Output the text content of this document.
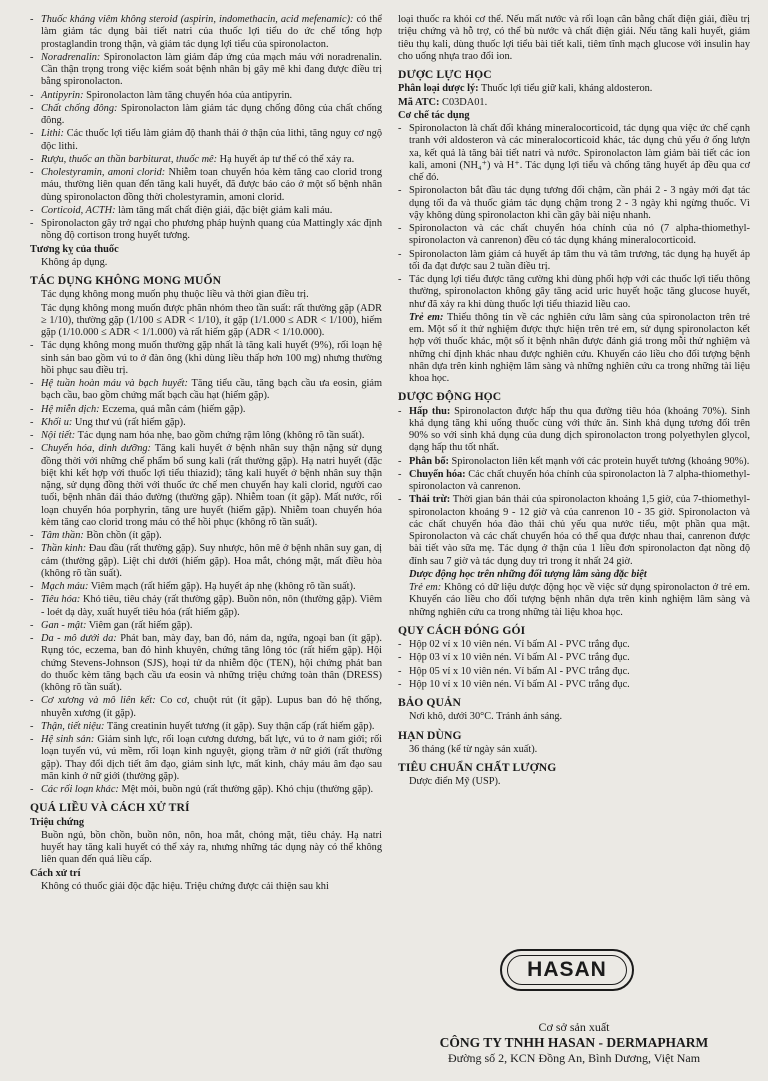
- Thuốc kháng viêm không steroid (aspirin, indomethacin, acid mefenamic): có thể làm giảm tác dụng bài tiết natri của thuốc lợi tiểu do ức chế tổng hợp prostaglandin trong thận, và giảm tác dụng lợi tiểu của spironolacton.
- Noradrenalin: Spironolacton làm giảm đáp ứng của mạch máu với noradrenalin. Cần thận trọng trong việc kiểm soát bệnh nhân bị gây mê khi đang được điều trị bằng spironolacton.
- Antipyrin: Spironolacton làm tăng chuyển hóa của antipyrin.
- Chất chống đông: Spironolacton làm giảm tác dụng chống đông của chất chống đông.
- Lithi: Các thuốc lợi tiểu làm giảm độ thanh thải ở thận của lithi, tăng nguy cơ ngộ độc lithi.
- Rượu, thuốc an thần barbiturat, thuốc mê: Hạ huyết áp tư thế có thể xảy ra.
- Cholestyramin, amoni clorid: Nhiễm toan chuyển hóa kèm tăng cao clorid trong máu, thường liên quan đến tăng kali huyết, đã được báo cáo ở một số bệnh nhân dùng spironolacton đồng thời cholestyramin, amoni clorid.
- Corticoid, ACTH: làm tăng mất chất điện giải, đặc biệt giảm kali máu.
- Spironolacton gây trở ngại cho phương pháp huỳnh quang của Mattingly xác định nồng độ cortison trong huyết tương.
Tương kỵ của thuốc
Không áp dụng.
TÁC DỤNG KHÔNG MONG MUỐN
Tác dụng không mong muốn phụ thuộc liều và thời gian điều trị.
Tác dụng không mong muốn được phân nhóm theo tần suất: rất thường gặp (ADR ≥ 1/10), thường gặp (1/100 ≤ ADR < 1/10), ít gặp (1/1.000 ≤ ADR < 1/100), hiếm gặp (1/10.000 ≤ ADR < 1/1.000) và rất hiếm gặp (ADR < 1/10.000).
- Tác dụng không mong muốn thường gặp nhất là tăng kali huyết (9%), rối loạn hệ sinh sản bao gồm vú to ở đàn ông (khi dùng liều thấp hơn 100 mg) nhưng thường hồi phục sau điều trị.
- Hệ tuần hoàn máu và bạch huyết: Tăng tiểu cầu, tăng bạch cầu ưa eosin, giảm bạch cầu, bao gồm chứng mất bạch cầu hạt (hiếm gặp).
- Hệ miễn dịch: Eczema, quá mẫn cảm (hiếm gặp).
- Khối u: Ung thư vú (rất hiếm gặp).
- Nội tiết: Tác dụng nam hóa nhẹ, bao gồm chứng rậm lông (không rõ tần suất).
- Chuyển hóa, dinh dưỡng: Tăng kali huyết ở bệnh nhân suy thận nặng sử dụng đồng thời với những chế phẩm bổ sung kali (rất thường gặp). Hạ natri huyết (đặc biệt khi kết hợp với thuốc lợi tiểu thiazid); tăng kali huyết ở bệnh nhân suy thận nặng, sử dụng đồng thời với thuốc ức chế men chuyển hay kali clorid, người cao tuổi, bệnh nhân đái tháo đường (thường gặp). Nhiễm toan (ít gặp). Mất nước, rối loạn chuyển hóa porphyrin, tăng ure huyết (hiếm gặp). Nhiễm toan chuyển hóa kèm tăng cao clorid trong máu có thể hồi phục (không rõ tần suất).
- Tâm thần: Bồn chồn (ít gặp).
- Thần kinh: Đau đầu (rất thường gặp). Suy nhược, hôn mê ở bệnh nhân suy gan, dị cảm (thường gặp). Liệt chi dưới (hiếm gặp). Hoa mắt, chóng mặt, mất điều hòa (không rõ tần suất).
- Mạch máu: Viêm mạch (rất hiếm gặp). Hạ huyết áp nhẹ (không rõ tần suất).
- Tiêu hóa: Khó tiêu, tiêu chảy (rất thường gặp). Buồn nôn, nôn (thường gặp). Viêm - loét dạ dày, xuất huyết tiêu hóa (rất hiếm gặp).
- Gan - mật: Viêm gan (rất hiếm gặp).
- Da - mô dưới da: Phát ban, mày đay, ban đỏ, nám da, ngứa, ngoại ban (ít gặp). Rụng tóc, eczema, ban đỏ hình khuyên, chứng tăng lông tóc (rất hiếm gặp). Hội chứng Stevens-Johnson (SJS), hoại tử da nhiễm độc (TEN), hội chứng phát ban do thuốc kèm tăng bạch cầu ưa eosin và những triệu chứng toàn thân (DRESS) (không rõ tần suất).
- Cơ xương và mô liên kết: Co cơ, chuột rút (ít gặp). Lupus ban đỏ hệ thống, nhuyễn xương (ít gặp).
- Thận, tiết niệu: Tăng creatinin huyết tương (ít gặp). Suy thận cấp (rất hiếm gặp).
- Hệ sinh sản: Giảm sinh lực, rối loạn cương dương, bất lực, vú to ở nam giới; rối loạn tuyến vú, vú mềm, rối loạn kinh nguyệt, giọng trầm ở nữ giới (rất thường gặp). Thay đổi dịch tiết âm đạo, giảm sinh lực, mất kinh, chảy máu âm đạo sau mãn kinh ở nữ giới (thường gặp).
- Các rối loạn khác: Mệt mỏi, buồn ngủ (rất thường gặp). Khó chịu (thường gặp).
QUÁ LIỀU VÀ CÁCH XỬ TRÍ
Triệu chứng
Buồn ngủ, bồn chồn, buồn nôn, nôn, hoa mắt, chóng mặt, tiêu chảy. Hạ natri huyết hay tăng kali huyết có thể xảy ra, nhưng những tác dụng này có thể không liên quan đến quá liều cấp.
Cách xử trí
Không có thuốc giải độc đặc hiệu. Triệu chứng được cải thiện sau khi
loại thuốc ra khỏi cơ thể. Nếu mất nước và rối loạn cân bằng chất điện giải, điều trị triệu chứng và hỗ trợ, có thể bù nước và chất điện giải. Nếu tăng kali huyết, giảm tiêu thụ kali, dùng thuốc lợi tiểu bài tiết kali, tiêm tĩnh mạch glucose với insulin hay cho uống nhựa trao đổi ion.
DƯỢC LỰC HỌC
Phân loại dược lý: Thuốc lợi tiểu giữ kali, kháng aldosteron.
Mã ATC: C03DA01.
Cơ chế tác dụng
- Spironolacton là chất đối kháng mineralocorticoid, tác dụng qua việc ức chế cạnh tranh với aldosteron và các mineralocorticoid khác, tác dụng chủ yếu ở ống lượn xa, kết quả là tăng bài tiết natri và nước. Spironolacton làm giảm bài tiết các ion kali, amoni (NH₄⁺) và H⁺. Tác dụng lợi tiểu và chống tăng huyết áp đều qua cơ chế đó.
- Spironolacton bắt đầu tác dụng tương đối chậm, cần phải 2 - 3 ngày mới đạt tác dụng tối đa và thuốc giảm tác dụng chậm trong 2 - 3 ngày khi ngừng thuốc. Vì vậy không dùng spironolacton khi cần gây bài niệu nhanh.
- Spironolacton và các chất chuyển hóa chính của nó (7 alpha-thiomethyl-spironolacton và canrenon) đều có tác dụng kháng mineralocorticoid.
- Spironolacton làm giảm cả huyết áp tâm thu và tâm trương, tác dụng hạ huyết áp tối đa đạt được sau 2 tuần điều trị.
- Tác dụng lợi tiểu được tăng cường khi dùng phối hợp với các thuốc lợi tiểu thông thường, spironolacton không gây tăng acid uric huyết hoặc tăng glucose huyết, như đã xảy ra khi dùng thuốc lợi tiểu thiazid liều cao.
Trẻ em: Thiếu thông tin về các nghiên cứu lâm sàng của spironolacton trên trẻ em. Một số ít thử nghiệm được thực hiện trên trẻ em, sử dụng spironolacton kết hợp với thuốc khác, một số ít bệnh nhân được đánh giá trong mỗi thử nghiệm và những chỉ định khác nhau được nghiên cứu. Khuyến cáo liều cho đối tượng bệnh nhân dựa trên kinh nghiệm lâm sàng và những nghiên cứu ca trong những tài liệu khoa học.
DƯỢC ĐỘNG HỌC
- Hấp thu: Spironolacton được hấp thu qua đường tiêu hóa (khoảng 70%). Sinh khả dụng tăng khi uống thuốc cùng với thức ăn. Sinh khả dụng tương đối trên 90% so với sinh khả dụng của dung dịch spironolacton trong polyethylen glycol, dạng hấp thu tốt nhất.
- Phân bố: Spironolacton liên kết mạnh với các protein huyết tương (khoảng 90%).
- Chuyển hóa: Các chất chuyển hóa chính của spironolacton là 7 alpha-thiomethyl-spironolacton và canrenon.
- Thải trừ: Thời gian bán thải của spironolacton khoảng 1,5 giờ, của 7-thiomethyl-spironolacton khoảng 9 - 12 giờ và của canrenon 10 - 35 giờ. Spironolacton và các chất chuyển hóa đào thải chủ yếu qua nước tiểu, một phần qua mật. Spironolacton và các chất chuyển hóa có thể qua được nhau thai, canrenon được bài tiết vào sữa mẹ. Tác dụng ở thận của 1 liều đơn spironolacton đạt nồng độ đỉnh sau 7 giờ và tác dụng duy trì trong ít nhất 24 giờ.
Dược động học trên những đối tượng lâm sàng đặc biệt
Trẻ em: Không có dữ liệu dược động học về việc sử dụng spironolacton ở trẻ em. Khuyến cáo liều cho đối tượng bệnh nhân dựa trên kinh nghiệm lâm sàng và những nghiên cứu ca trong những tài liệu khoa học.
QUY CÁCH ĐÓNG GÓI
- Hộp 02 vỉ x 10 viên nén. Vỉ bấm Al - PVC trắng đục.
- Hộp 03 vỉ x 10 viên nén. Vỉ bấm Al - PVC trắng đục.
- Hộp 05 vỉ x 10 viên nén. Vỉ bấm Al - PVC trắng đục.
- Hộp 10 vỉ x 10 viên nén. Vỉ bấm Al - PVC trắng đục.
BẢO QUẢN
Nơi khô, dưới 30°C. Tránh ánh sáng.
HẠN DÙNG
36 tháng (kể từ ngày sản xuất).
TIÊU CHUẨN CHẤT LƯỢNG
Dược điển Mỹ (USP).
HASAN
Cơ sở sản xuất
CÔNG TY TNHH HASAN - DERMAPHARM
Đường số 2, KCN Đồng An, Bình Dương, Việt Nam
